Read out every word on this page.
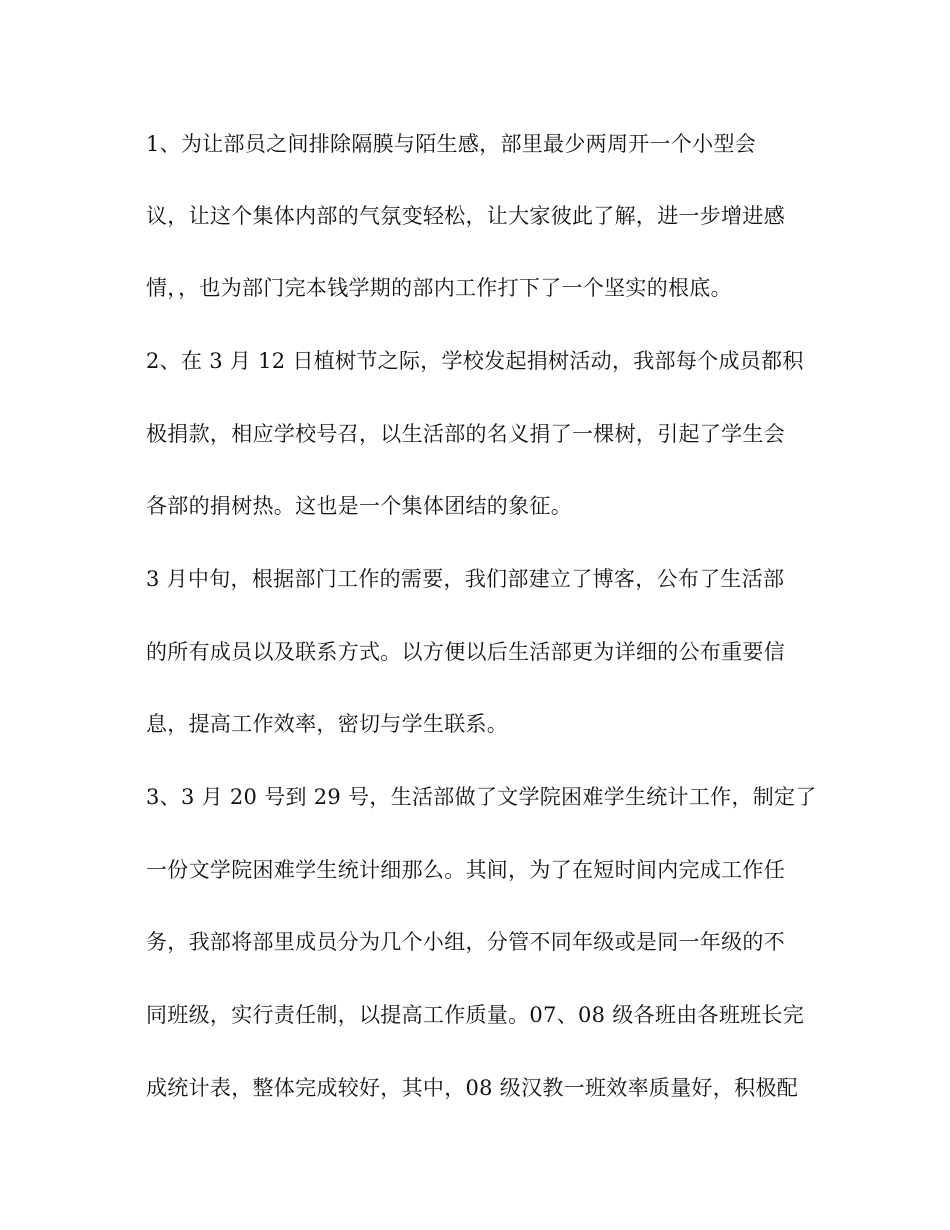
1、为让部员之间排除隔膜与陌生感，部里最少两周开一个小型会
议，让这个集体内部的气氛变轻松，让大家彼此了解，进一步增进感
情，，也为部门完本钱学期的部内工作打下了一个坚实的根底。
2、在 3 月 12 日植树节之际，学校发起捐树活动，我部每个成员都积
极捐款，相应学校号召，以生活部的名义捐了一棵树，引起了学生会
各部的捐树热。这也是一个集体团结的象征。
3 月中旬，根据部门工作的需要，我们部建立了博客，公布了生活部
的所有成员以及联系方式。以方便以后生活部更为详细的公布重要信
息，提高工作效率，密切与学生联系。
3、3 月 20 号到 29 号，生活部做了文学院困难学生统计工作，制定了
一份文学院困难学生统计细那么。其间，为了在短时间内完成工作任
务，我部将部里成员分为几个小组，分管不同年级或是同一年级的不
同班级，实行责任制，以提高工作质量。07、08 级各班由各班班长完
成统计表，整体完成较好，其中，08 级汉教一班效率质量好，积极配
